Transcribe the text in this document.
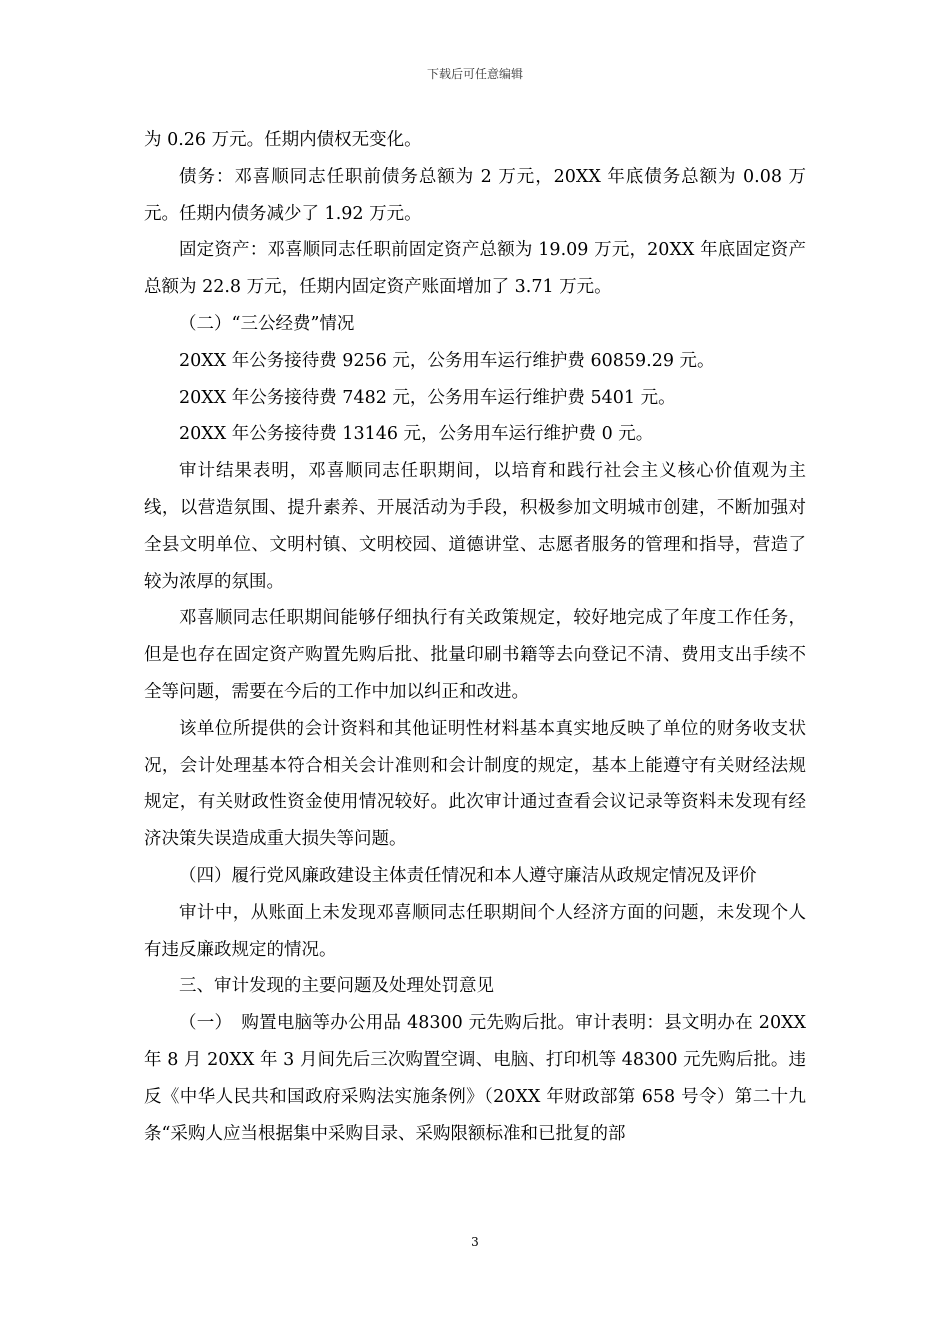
下载后可任意编辑

为 0.26 万元。任期内债权无变化。

债务：邓喜顺同志任职前债务总额为 2 万元，20XX 年底债务总额为 0.08 万元。任期内债务减少了 1.92 万元。

固定资产：邓喜顺同志任职前固定资产总额为 19.09 万元，20XX 年底固定资产总额为 22.8 万元，任期内固定资产账面增加了 3.71 万元。

（二）“三公经费”情况

20XX 年公务接待费 9256 元，公务用车运行维护费 60859.29 元。

20XX 年公务接待费 7482 元，公务用车运行维护费 5401 元。

20XX 年公务接待费 13146 元，公务用车运行维护费 0 元。

审计结果表明，邓喜顺同志任职期间，以培育和践行社会主义核心价值观为主线，以营造氛围、提升素养、开展活动为手段，积极参加文明城市创建，不断加强对全县文明单位、文明村镇、文明校园、道德讲堂、志愿者服务的管理和指导，营造了较为浓厚的氛围。

邓喜顺同志任职期间能够仔细执行有关政策规定，较好地完成了年度工作任务，但是也存在固定资产购置先购后批、批量印刷书籍等去向登记不清、费用支出手续不全等问题，需要在今后的工作中加以纠正和改进。

该单位所提供的会计资料和其他证明性材料基本真实地反映了单位的财务收支状况，会计处理基本符合相关会计准则和会计制度的规定，基本上能遵守有关财经法规规定，有关财政性资金使用情况较好。此次审计通过查看会议记录等资料未发现有经济决策失误造成重大损失等问题。

（四）履行党风廉政建设主体责任情况和本人遵守廉洁从政规定情况及评价

审计中，从账面上未发现邓喜顺同志任职期间个人经济方面的问题，未发现个人有违反廉政规定的情况。

三、审计发现的主要问题及处理处罚意见

（一）　购置电脑等办公用品 48300 元先购后批。审计表明：县文明办在 20XX 年 8 月 20XX 年 3 月间先后三次购置空调、电脑、打印机等 48300 元先购后批。违反《中华人民共和国政府采购法实施条例》（20XX 年财政部第 658 号令）第二十九条“采购人应当根据集中采购目录、采购限额标准和已批复的部

3
